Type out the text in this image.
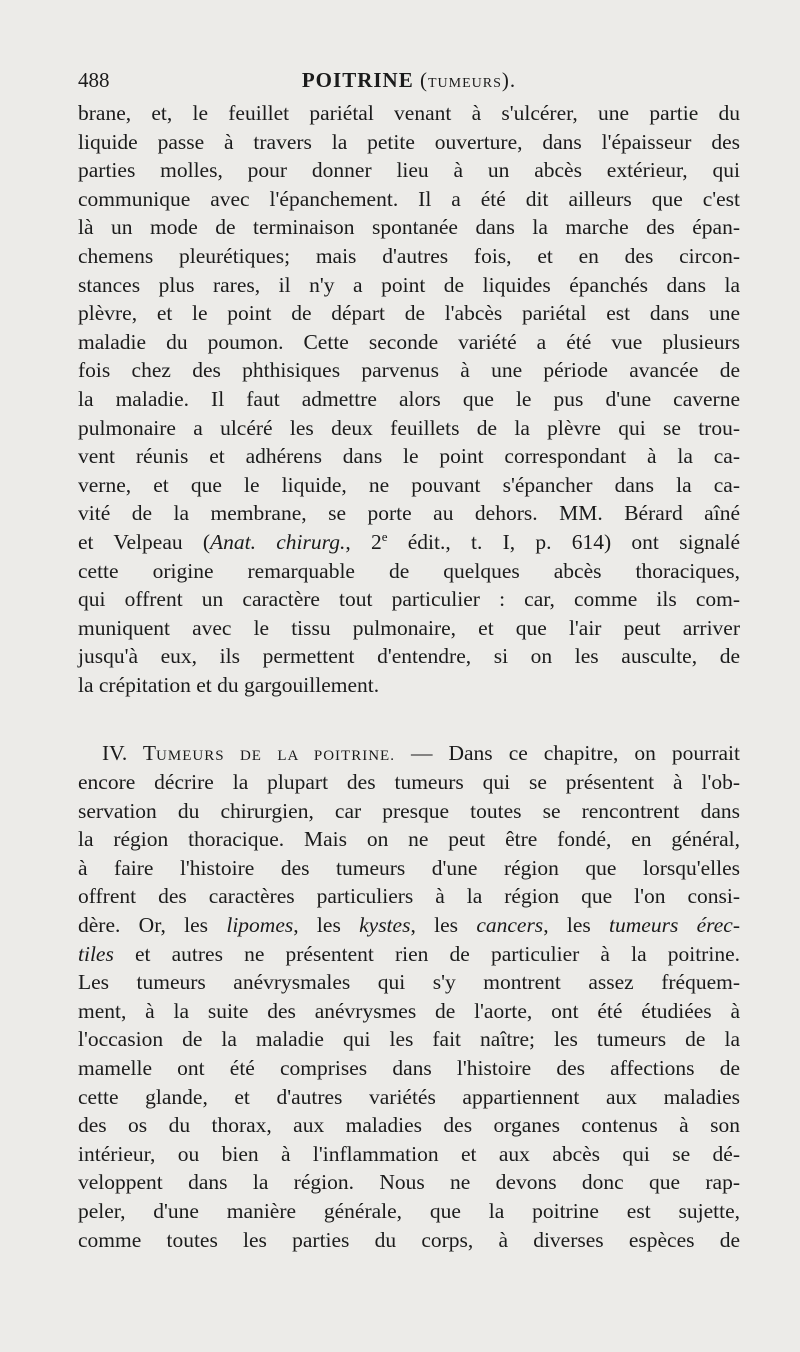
488	POITRINE (TUMEURS).
brane, et, le feuillet pariétal venant à s'ulcérer, une partie du
liquide passe à travers la petite ouverture, dans l'épaisseur des
parties molles, pour donner lieu à un abcès extérieur, qui
communique avec l'épanchement. Il a été dit ailleurs que c'est
là un mode de terminaison spontanée dans la marche des épan-
chemens pleurétiques; mais d'autres fois, et en des circon-
stances plus rares, il n'y a point de liquides épanchés dans la
plèvre, et le point de départ de l'abcès pariétal est dans une
maladie du poumon. Cette seconde variété a été vue plusieurs
fois chez des phthisiques parvenus à une période avancée de
la maladie. Il faut admettre alors que le pus d'une caverne
pulmonaire a ulcéré les deux feuillets de la plèvre qui se trou-
vent réunis et adhérens dans le point correspondant à la ca-
verne, et que le liquide, ne pouvant s'épancher dans la ca-
vité de la membrane, se porte au dehors. MM. Bérard aîné
et Velpeau (Anat. chirurg., 2e édit., t. I, p. 614) ont signalé
cette origine remarquable de quelques abcès thoraciques,
qui offrent un caractère tout particulier : car, comme ils com-
muniquent avec le tissu pulmonaire, et que l'air peut arriver
jusqu'à eux, ils permettent d'entendre, si on les ausculte, de
la crépitation et du gargouillement.
IV. TUMEURS DE LA POITRINE. — Dans ce chapitre, on pourrait
encore décrire la plupart des tumeurs qui se présentent à l'ob-
servation du chirurgien, car presque toutes se rencontrent dans
la région thoracique. Mais on ne peut être fondé, en général,
à faire l'histoire des tumeurs d'une région que lorsqu'elles
offrent des caractères particuliers à la région que l'on consi-
dère. Or, les lipomes, les kystes, les cancers, les tumeurs érec-
tiles et autres ne présentent rien de particulier à la poitrine.
Les tumeurs anévrysmales qui s'y montrent assez fréquem-
ment, à la suite des anévrysmes de l'aorte, ont été étudiées à
l'occasion de la maladie qui les fait naître; les tumeurs de la
mamelle ont été comprises dans l'histoire des affections de
cette glande, et d'autres variétés appartiennent aux maladies
des os du thorax, aux maladies des organes contenus à son
intérieur, ou bien à l'inflammation et aux abcès qui se dé-
veloppent dans la région. Nous ne devons donc que rap-
peler, d'une manière générale, que la poitrine est sujette,
comme toutes les parties du corps, à diverses espèces de
